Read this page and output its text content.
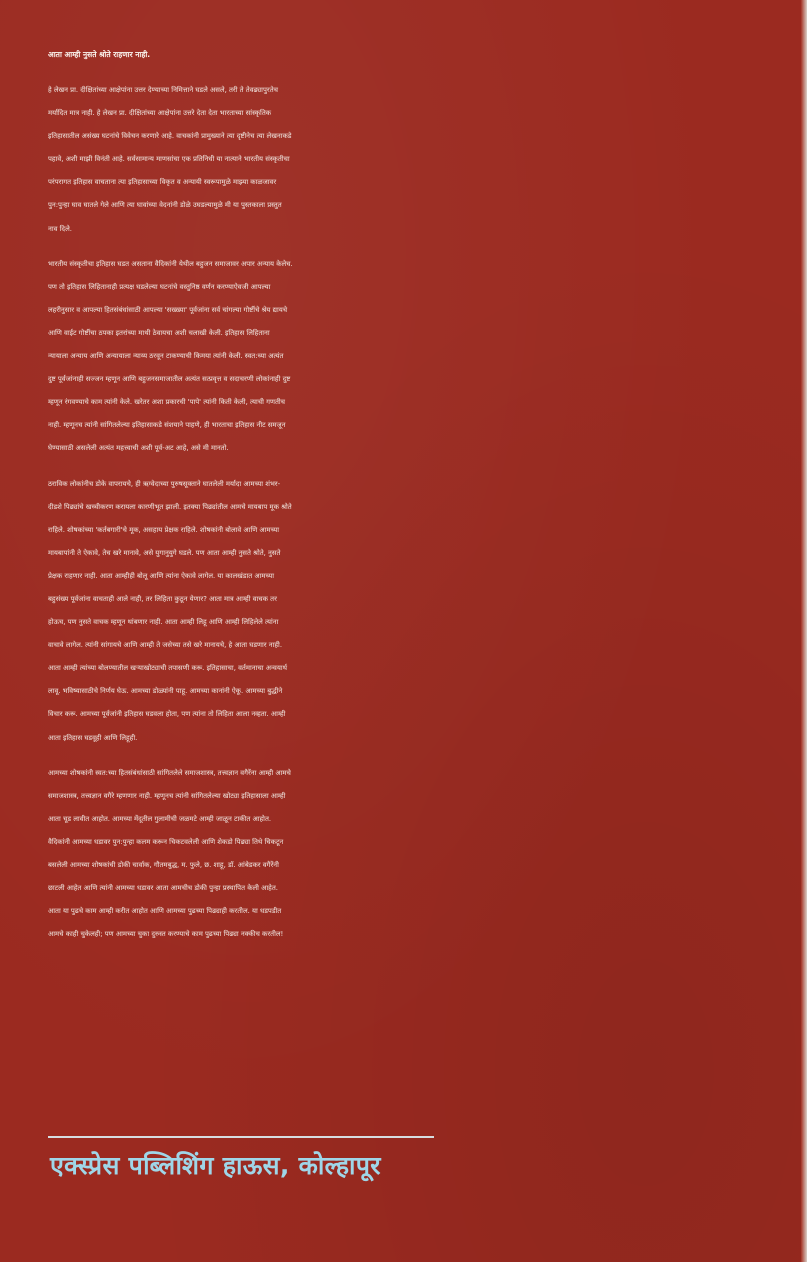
आता आम्ही नुसते श्रोते राहणार नाही.
हे लेखन प्रा. दीक्षितांच्या आक्षेपांना उत्तर देण्याच्या निमित्ताने घडले असले, तरी ते तेवढ्यापुरतेच
मर्यादित मात्र नाही. हे लेखन प्रा. दीक्षितांच्या आक्षेपांना उत्तरे देता देता भारताच्या सांस्कृतिक
इतिहासातील असंख्य घटनांचे विवेचन करणारे आहे. वाचकांनी प्रामुख्याने त्या दृष्टीनेच त्या लेखनाकडे
पहावे, अशी माझी विनंती आहे. सर्वसामान्य माणसांचा एक प्रतिनिधी या नात्याने भारतीय संस्कृतीचा
परंपरागत इतिहास वाचताना त्या इतिहासाच्या विकृत व अन्यायी स्वरूपामुळे माझ्या काळजावर
पुन:पुन्हा घाव घातले गेले आणि त्या घावांच्या वेदनांनी डोळे उघडल्यामुळे मी या पुस्तकाला प्रस्तुत
नाव दिले.
भारतीय संस्कृतीचा इतिहास घडत असताना वैदिकांनी येथील बहुजन समाजावर अपार अन्याय केलेच.
पण तो इतिहास लिहितानाही प्रत्यक्ष घडलेल्या घटनांचे वस्तुनिष्ठ वर्णन करण्याऐवजी आपल्या
लहरीनुसार व आपल्या हितसंबंधांसाठी आपल्या 'सख्ख्या' पूर्वजांना सर्व चांगल्या गोष्टींचे श्रेय द्यायचे
आणि वाईट गोष्टींचा ठपका इतरांच्या माथी ठेवायचा अशी चलाखी केली. इतिहास लिहिताना
न्यायाला अन्याय आणि अन्यायाला न्याय्य ठरवून टाकण्याची किमया त्यांनी केली. स्वत:च्या अत्यंत
दुष्ट पूर्वजांनाही सज्जन म्हणून आणि बहुजनसमाजातील अत्यंत सत्प्रवृत्त व सदाचरणी लोकांनाही दुष्ट
म्हणून रंगवण्याचे काम त्यांनी केले. खरेतर अशा प्रकारची 'पापे' त्यांनी किती केली, त्याची गणतीच
नाही. म्हणूनच त्यांनी सांगितलेल्या इतिहासाकडे संशयाने पाहणे, ही भारताचा इतिहास नीट समजून
घेण्यासाठी असलेली अत्यंत महत्त्वाची अशी पूर्व-अट आहे, असे मी मानतो.
ठराविक लोकांनीच डोके वापरायचे, ही ऋग्वेदाच्या पुरुषसूक्ताने घातलेली मर्यादा आमच्या शंभर-
दीडशे पिढ्यांचे खच्चीकरण करायला कारणीभूत झाली. इतक्या पिढ्यांतील आमचे मायबाप मूक श्रोते
राहिले. शोषकांच्या 'कर्तबगारी'चे मूक, असहाय प्रेक्षक राहिले. शोषकांनी बोलावे आणि आमच्या
मायबापांनी ते ऐकावे, तेच खरे मानावे, असे युगानुयुगे घडले. पण आता आम्ही नुसते श्रोते, नुसते
प्रेक्षक राहणार नाही. आता आम्हीही बोलू आणि त्यांना ऐकावे लागेल. या कालखंडात आमच्या
बहुसंख्य पूर्वजांना वाचताही आले नाही, तर लिहिता कुठून येणार? आता मात्र आम्ही वाचक तर
होऊच, पण नुसते वाचक म्हणून थांबणार नाही. आता आम्ही लिहू आणि आम्ही लिहिलेले त्यांना
वाचावे लागेल. त्यांनी सांगायचे आणि आम्ही ते जसेच्या तसे खरे मानायचे, हे आता घडणार नाही.
आता आम्ही त्यांच्या बोलण्यातील खऱ्याखोट्याची तपासणी करू. इतिहासाचा, वर्तमानाचा अन्वयार्थ
लावू. भविष्यासाठीचे निर्णय घेऊ. आमच्या डोळ्यांनी पाहू. आमच्या कानांनी ऐकू. आमच्या बुद्धीने
विचार करू. आमच्या पूर्वजांनी इतिहास घडवला होता, पण त्यांना तो लिहिता आला नव्हता. आम्ही
आता इतिहास घडवूही आणि लिहूही.
आमच्या शोषकांनी स्वत:च्या हितसंबंधांसाठी सांगितलेले समाजशास्त्र, तत्त्वज्ञान वगैरेंना आम्ही आमचे
समाजशास्त्र, तत्त्वज्ञान वगैरे म्हणणार नाही. म्हणूनच त्यांनी सांगितलेल्या खोट्या इतिहासाला आम्ही
आता चूड लावीत आहोत. आमच्या मेंदूतील गुलामीची जळमटे आम्ही जाळून टाकीत आहोत.
वैदिकांनी आमच्या धडावर पुन:पुन्हा कलम करून चिकटवलेली आणि शेकडो पिढ्या तिथे चिकटून
बसलेली आमच्या शोषकांची डोकी चार्वाक, गौतमबुद्ध, म. फुले, छ. शाहू, डॉ. आंबेडकर वगैरेंनी
छाटली आहेत आणि त्यांनी आमच्या धडावर आता आमचीच डोकी पुन्हा प्रस्थापित केली आहेत.
आता या पुढचे काम आम्ही करीत आहोत आणि आमच्या पुढच्या पिढ्याही करतील. या धडपडीत
आमचे काही चुकेलही; पण आमच्या चुका दुरुस्त करण्याचे काम पुढच्या पिढ्या नक्कीच करतील!
एक्स्प्रेस पब्लिशिंग हाऊस, कोल्हापूर
